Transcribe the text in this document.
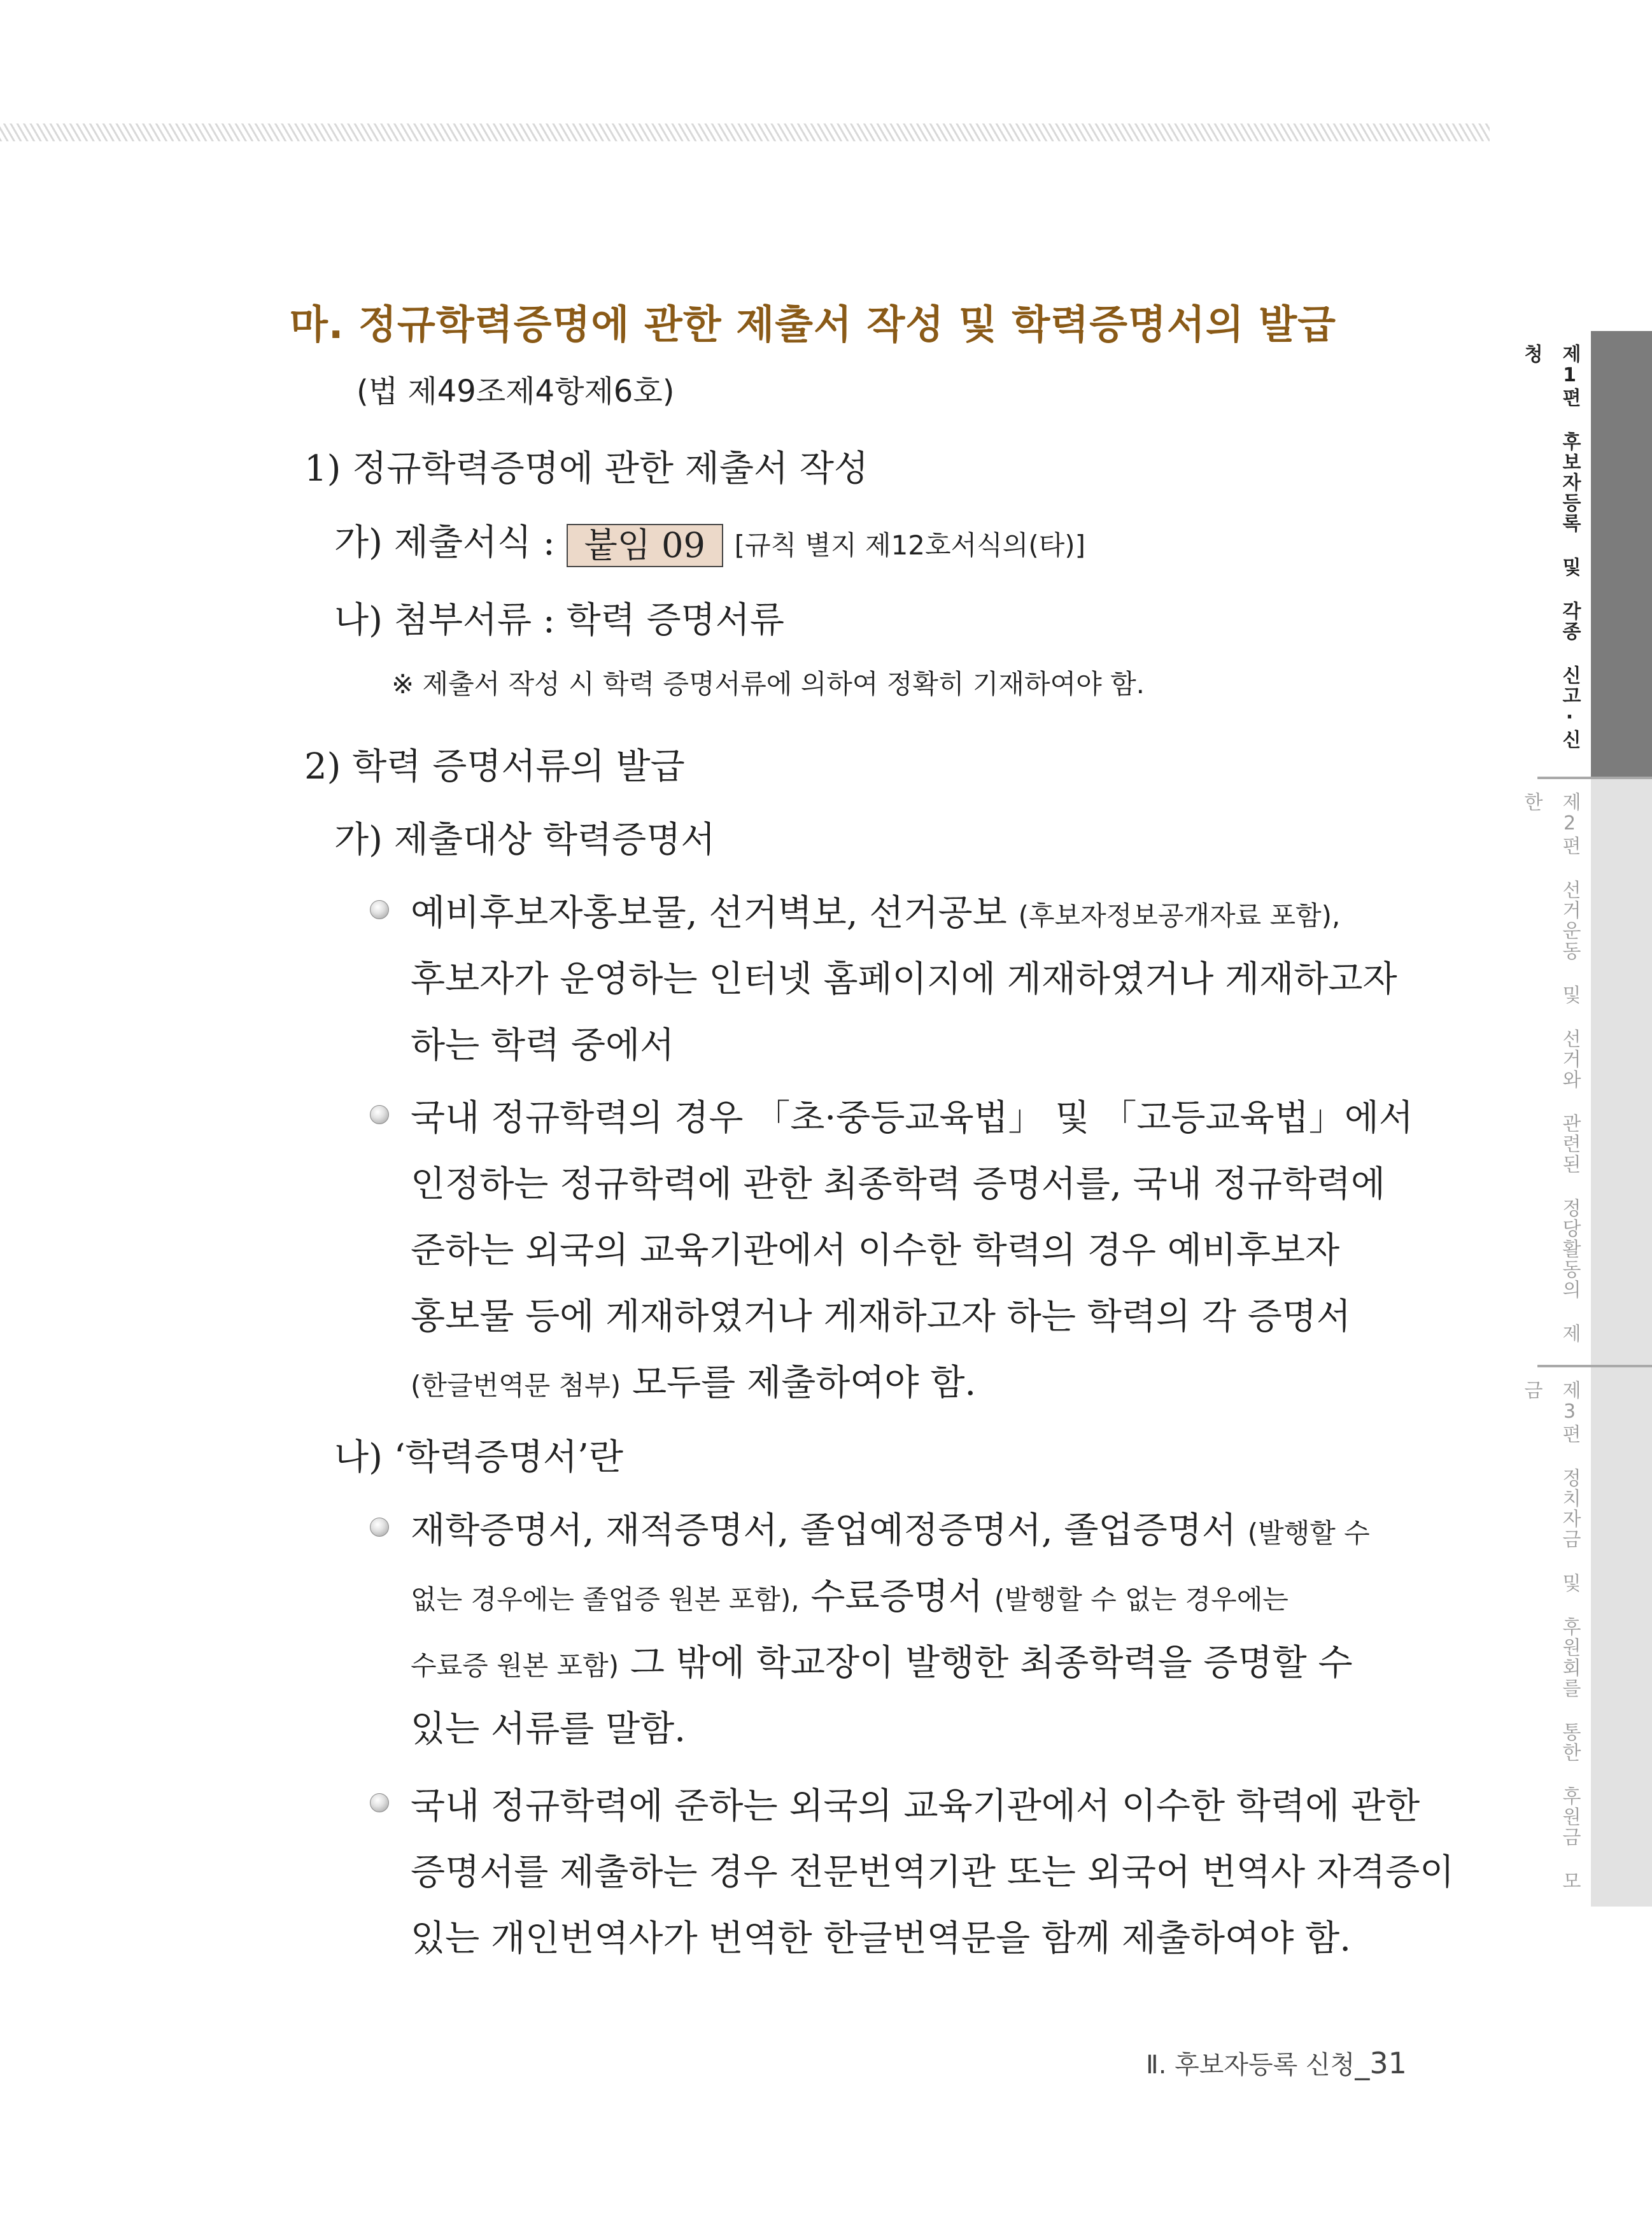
마. 정규학력증명에 관한 제출서 작성 및 학력증명서의 발급
(법 제49조제4항제6호)
1) 정규학력증명에 관한 제출서 작성
가) 제출서식 : 붙임 09 [규칙 별지 제12호서식의(타)]
나) 첨부서류 : 학력 증명서류
※ 제출서 작성 시 학력 증명서류에 의하여 정확히 기재하여야 함.
2) 학력 증명서류의 발급
가) 제출대상 학력증명서
예비후보자홍보물, 선거벽보, 선거공보 (후보자정보공개자료 포함),
후보자가 운영하는 인터넷 홈페이지에 게재하였거나 게재하고자
하는 학력 중에서
국내 정규학력의 경우 「초·중등교육법」 및 「고등교육법」에서
인정하는 정규학력에 관한 최종학력 증명서를, 국내 정규학력에
준하는 외국의 교육기관에서 이수한 학력의 경우 예비후보자
홍보물 등에 게재하였거나 게재하고자 하는 학력의 각 증명서
(한글번역문 첨부) 모두를 제출하여야 함.
나) ‘학력증명서’란
재학증명서, 재적증명서, 졸업예정증명서, 졸업증명서 (발행할 수
없는 경우에는 졸업증 원본 포함), 수료증명서 (발행할 수 없는 경우에는
수료증 원본 포함) 그 밖에 학교장이 발행한 최종학력을 증명할 수
있는 서류를 말함.
국내 정규학력에 준하는 외국의 교육기관에서 이수한 학력에 관한
증명서를 제출하는 경우 전문번역기관 또는 외국어 번역사 자격증이
있는 개인번역사가 번역한 한글번역문을 함께 제출하여야 함.
제1편 후보자등록 및 각종 신고·신청
제2편 선거운동 및 선거와 관련된 정당활동의 제한
제3편 정치자금 및 후원회를 통한 후원금 모금
Ⅱ. 후보자등록 신청_31
